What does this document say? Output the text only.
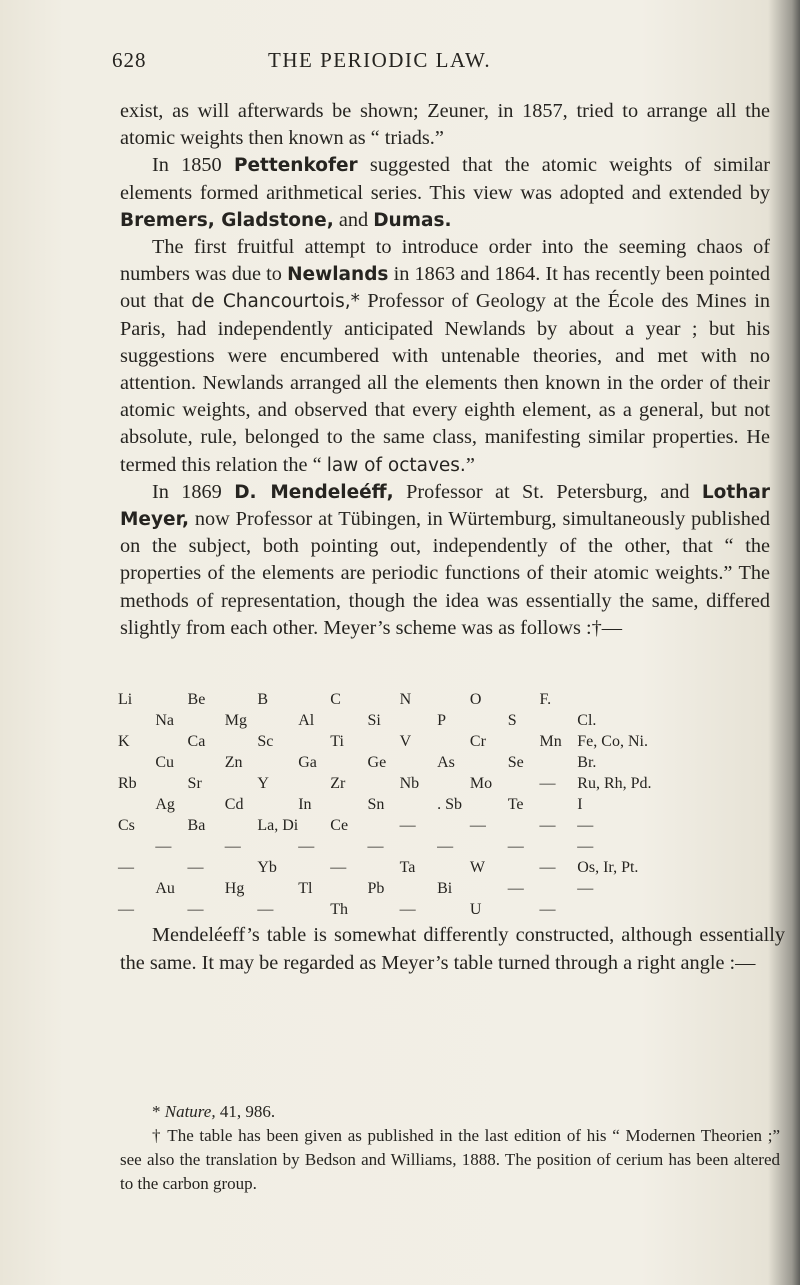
628	THE PERIODIC LAW.

exist, as will afterwards be shown; Zeuner, in 1857, tried to arrange all the atomic weights then known as “ triads.”

In 1850 Pettenkofer suggested that the atomic weights of similar elements formed arithmetical series. This view was adopted and extended by Bremers, Gladstone, and Dumas.

The first fruitful attempt to introduce order into the seeming chaos of numbers was due to Newlands in 1863 and 1864. It has recently been pointed out that de Chancourtois,* Professor of Geology at the École des Mines in Paris, had independently anticipated Newlands by about a year ; but his suggestions were encumbered with untenable theories, and met with no attention. Newlands arranged all the elements then known in the order of their atomic weights, and observed that every eighth element, as a general, but not absolute, rule, belonged to the same class, manifesting similar properties. He termed this relation the “ law of octaves.”

In 1869 D. Mendeleéff, Professor at St. Petersburg, and Lothar Meyer, now Professor at Tübingen, in Würtemburg, simultaneously published on the subject, both pointing out, independently of the other, that “ the properties of the elements are periodic functions of their atomic weights.” The methods of representation, though the idea was essentially the same, differed slightly from each other. Meyer’s scheme was as follows :†—

Li		Be		B		C		N		O		F.	
	Na		Mg		Al		Si		P		S		Cl.
K		Ca		Sc		Ti		V		Cr		Mn	Fe, Co, Ni.
	Cu		Zn		Ga		Ge		As		Se		Br.
Rb		Sr		Y		Zr		Nb		Mo		—	Ru, Rh, Pd.
	Ag		Cd		In		Sn		. Sb		Te		I
Cs		Ba		La, Di		Ce		—		—		—	—
	—		—		—		—		—		—		—
—		—		Yb		—		Ta		W		—	Os, Ir, Pt.
	Au		Hg		Tl		Pb		Bi		—		—
—		—		—		Th		—		U		—	

Mendeléeff’s table is somewhat differently constructed, although essentially the same. It may be regarded as Meyer’s table turned through a right angle :—

* Nature, 41, 986.

† The table has been given as published in the last edition of his “ Modernen Theorien ;” see also the translation by Bedson and Williams, 1888. The position of cerium has been altered to the carbon group.
